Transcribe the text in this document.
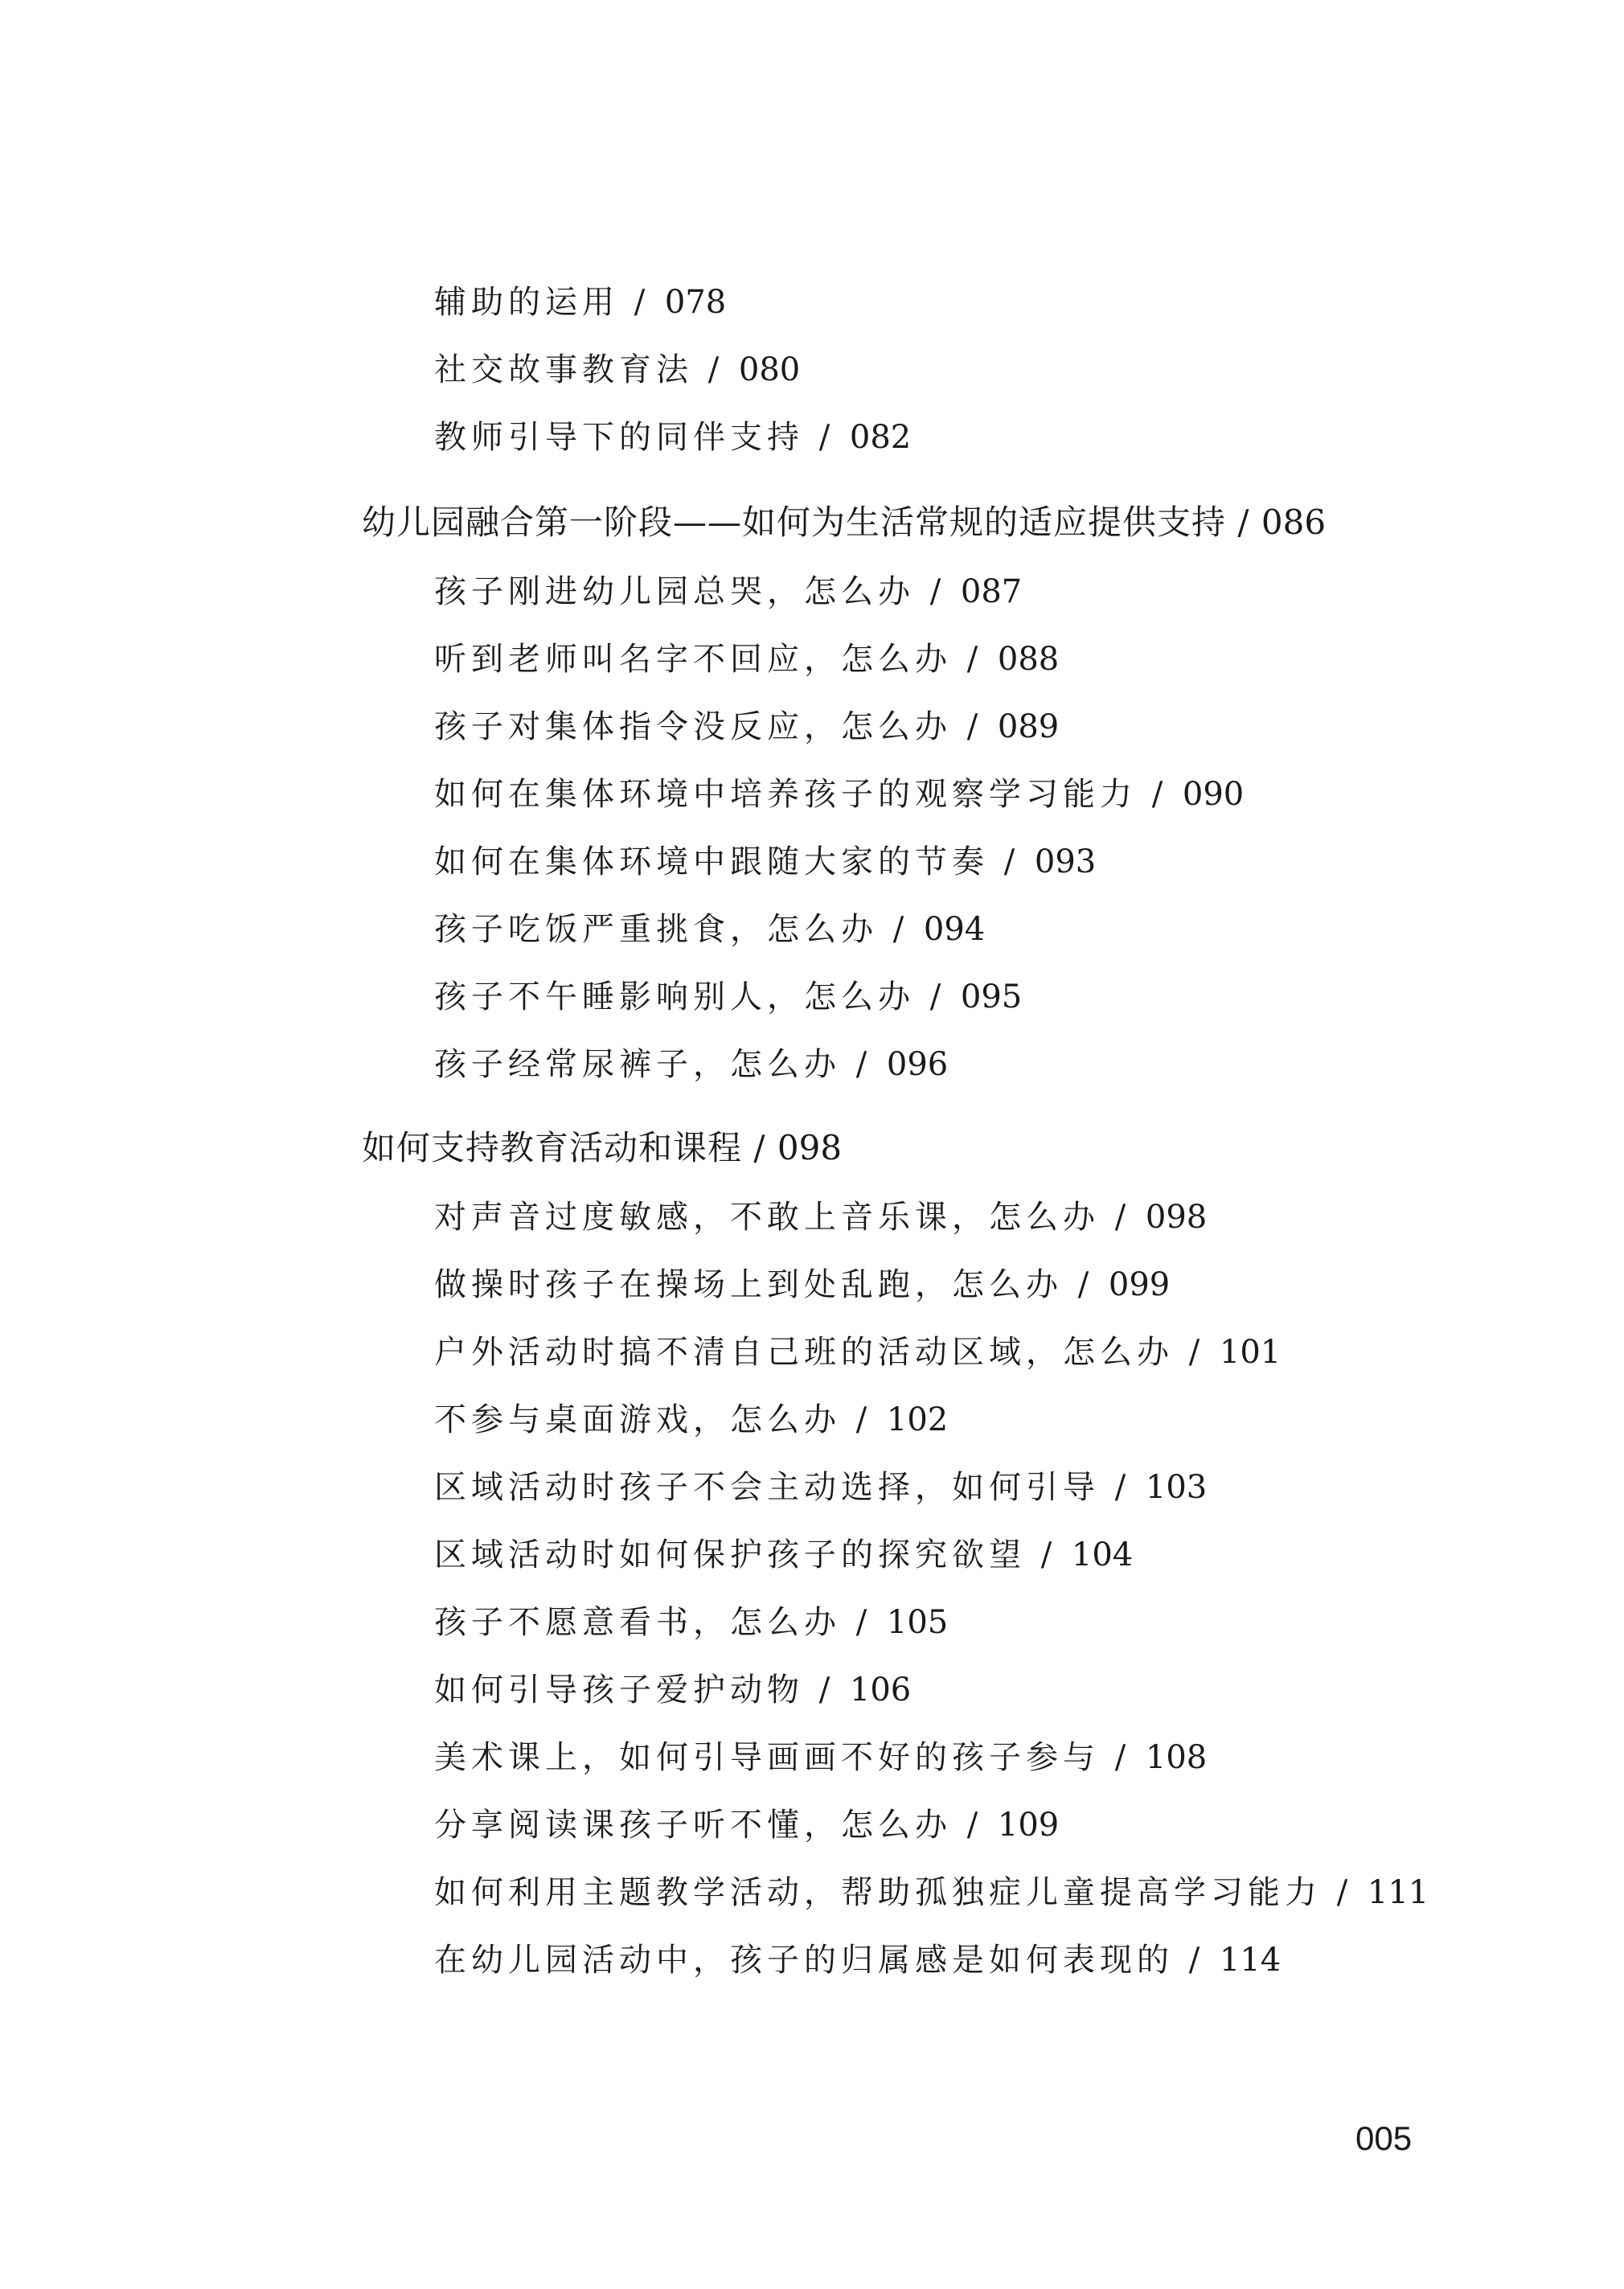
辅助的运用 / 078
社交故事教育法 / 080
教师引导下的同伴支持 / 082
幼儿园融合第一阶段——如何为生活常规的适应提供支持 / 086
孩子刚进幼儿园总哭，怎么办 / 087
听到老师叫名字不回应，怎么办 / 088
孩子对集体指令没反应，怎么办 / 089
如何在集体环境中培养孩子的观察学习能力 / 090
如何在集体环境中跟随大家的节奏 / 093
孩子吃饭严重挑食，怎么办 / 094
孩子不午睡影响别人，怎么办 / 095
孩子经常尿裤子，怎么办 / 096
如何支持教育活动和课程 / 098
对声音过度敏感，不敢上音乐课，怎么办 / 098
做操时孩子在操场上到处乱跑，怎么办 / 099
户外活动时搞不清自己班的活动区域，怎么办 / 101
不参与桌面游戏，怎么办 / 102
区域活动时孩子不会主动选择，如何引导 / 103
区域活动时如何保护孩子的探究欲望 / 104
孩子不愿意看书，怎么办 / 105
如何引导孩子爱护动物 / 106
美术课上，如何引导画画不好的孩子参与 / 108
分享阅读课孩子听不懂，怎么办 / 109
如何利用主题教学活动，帮助孤独症儿童提高学习能力 / 111
在幼儿园活动中，孩子的归属感是如何表现的 / 114
005
